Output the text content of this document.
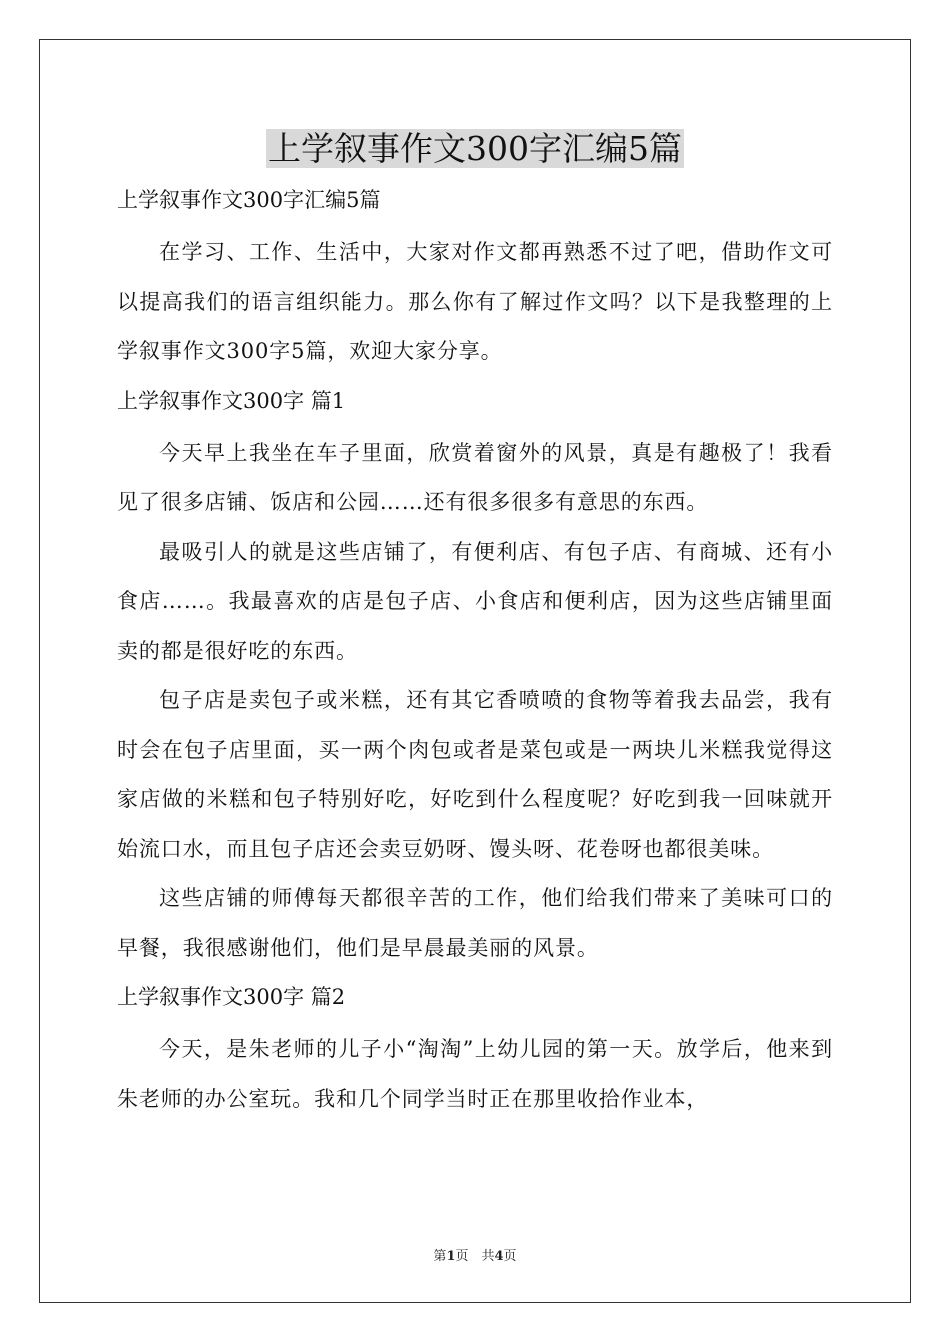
上学叙事作文300字汇编5篇
上学叙事作文300字汇编5篇

在学习、工作、生活中，大家对作文都再熟悉不过了吧，借助作文可以提高我们的语言组织能力。那么你有了解过作文吗？以下是我整理的上学叙事作文300字5篇，欢迎大家分享。

上学叙事作文300字 篇1

今天早上我坐在车子里面，欣赏着窗外的风景，真是有趣极了！我看见了很多店铺、饭店和公园……还有很多很多有意思的东西。

最吸引人的就是这些店铺了，有便利店、有包子店、有商城、还有小食店……。我最喜欢的店是包子店、小食店和便利店，因为这些店铺里面卖的都是很好吃的东西。

包子店是卖包子或米糕，还有其它香喷喷的食物等着我去品尝，我有时会在包子店里面，买一两个肉包或者是菜包或是一两块儿米糕我觉得这家店做的米糕和包子特别好吃，好吃到什么程度呢？好吃到我一回味就开始流口水，而且包子店还会卖豆奶呀、馒头呀、花卷呀也都很美味。

这些店铺的师傅每天都很辛苦的工作，他们给我们带来了美味可口的早餐，我很感谢他们，他们是早晨最美丽的风景。

上学叙事作文300字 篇2

今天，是朱老师的儿子小“淘淘”上幼儿园的第一天。放学后，他来到朱老师的办公室玩。我和几个同学当时正在那里收拾作业本，

第1页　共4页
